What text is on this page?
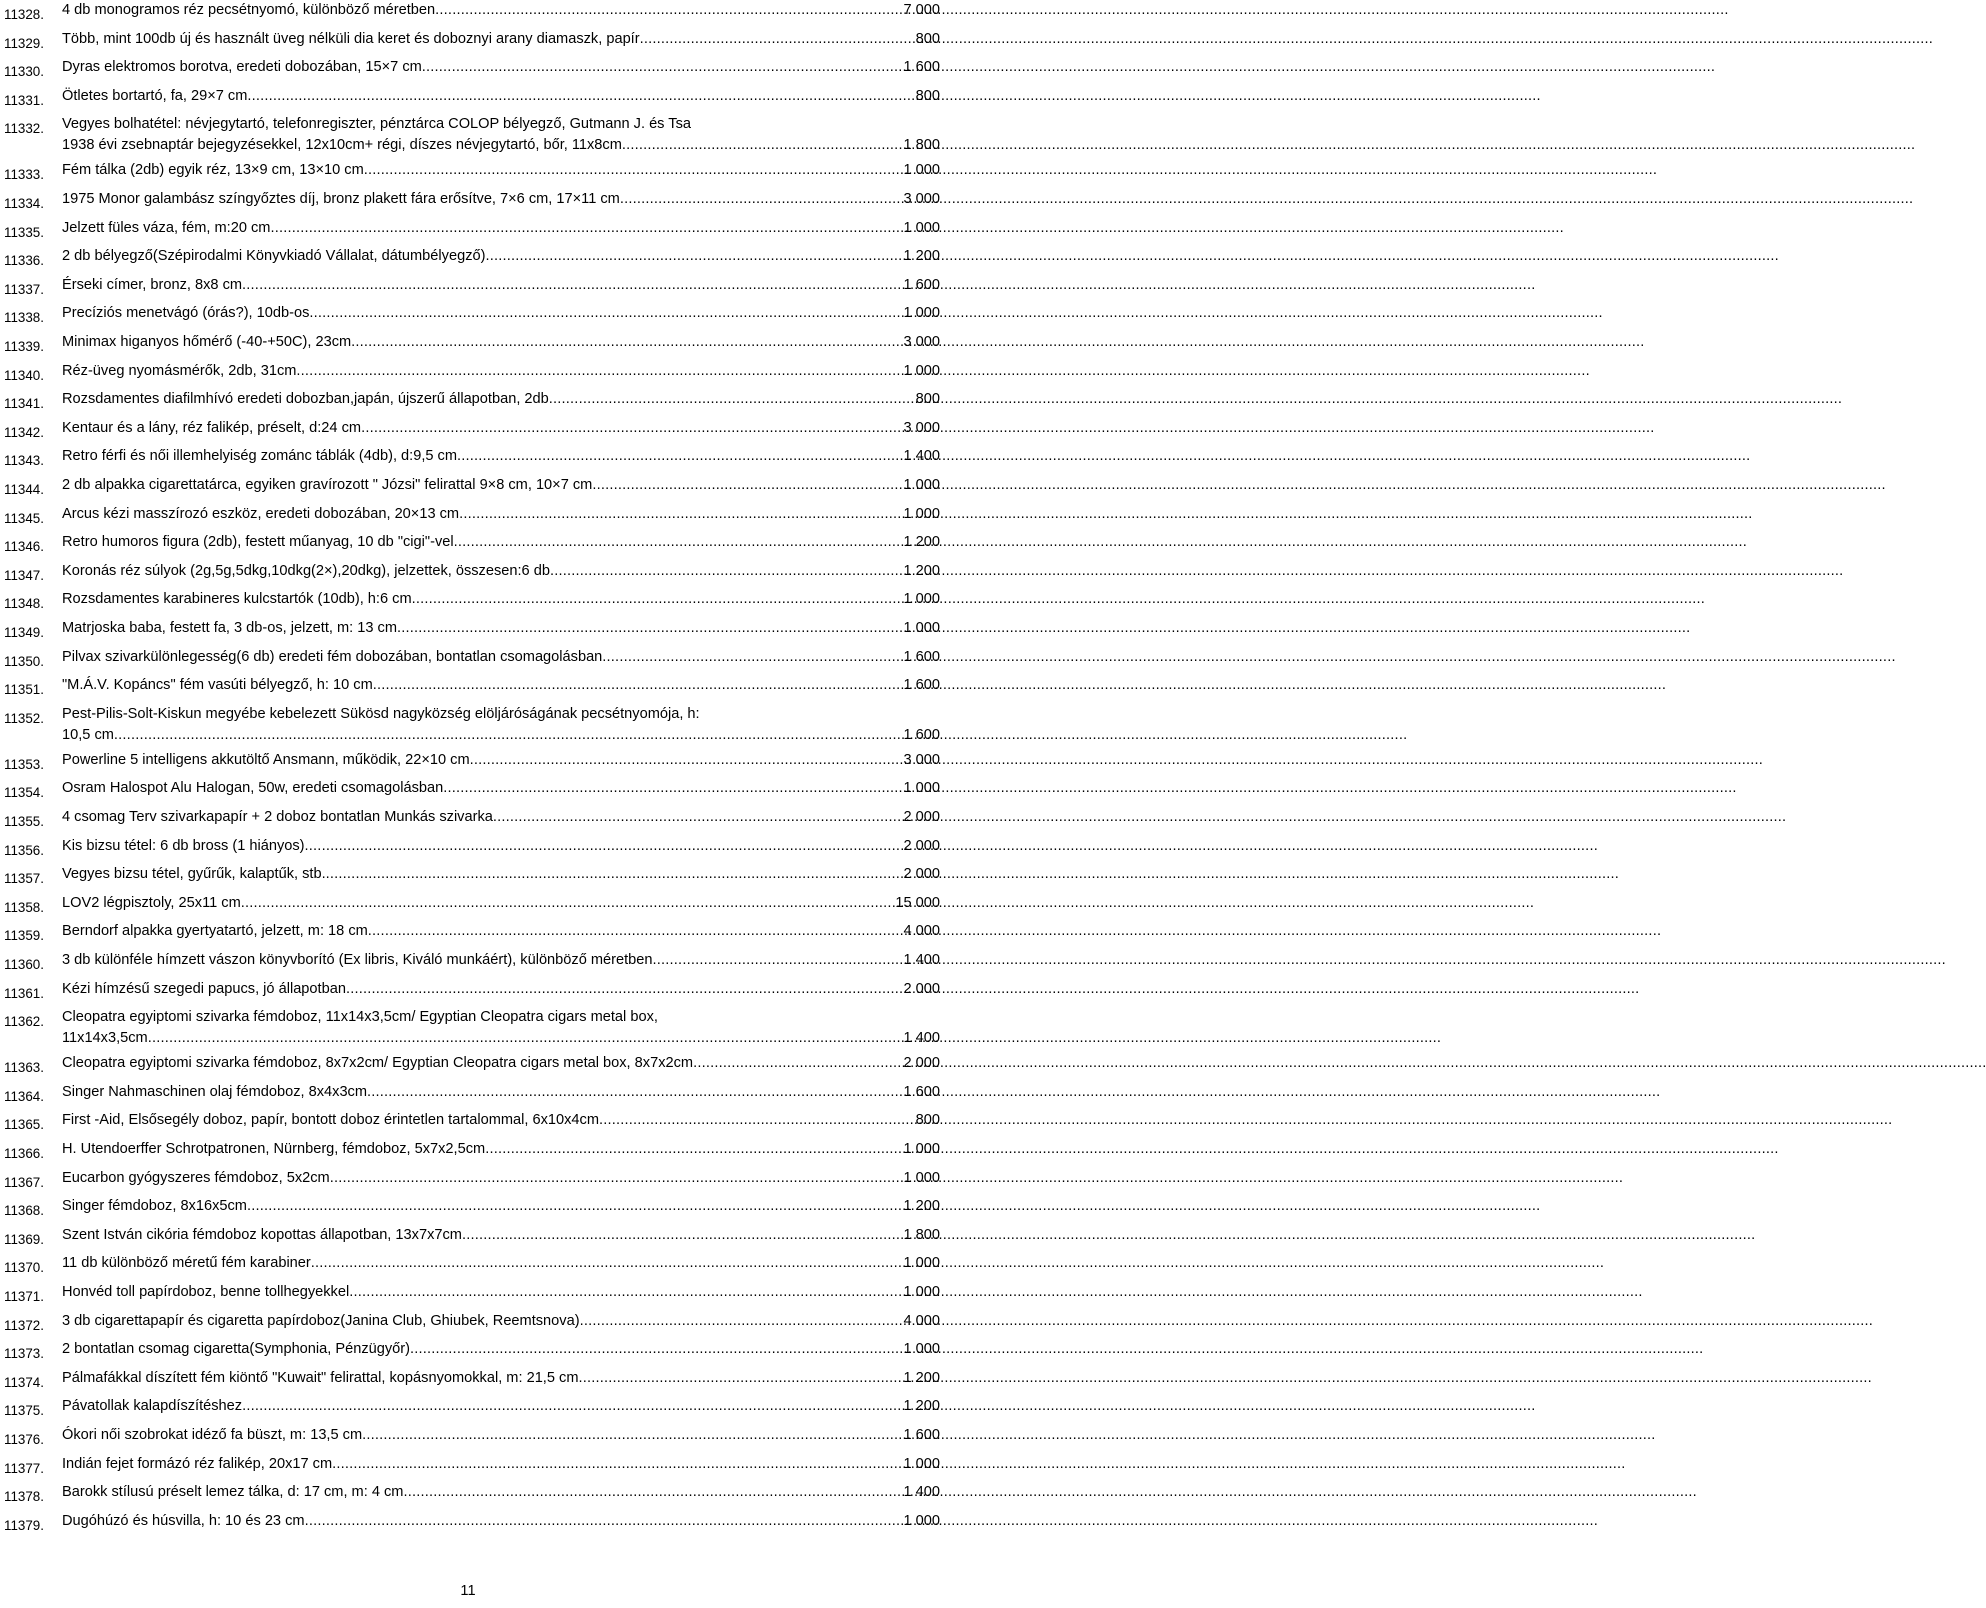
11328.	4 db monogramos réz pecsétnyomó, különböző méretben .....	7 000
11329.	Több, mint 100db új és használt üveg nélküli dia keret és doboznyi arany diamaszk, papír .....	800
11330.	Dyras elektromos borotva, eredeti dobozában, 15×7 cm .....	1 600
11331.	Ötletes bortartó, fa, 29×7 cm .....	800
11332.	Vegyes bolhatétel: névjegytartó, telefonregiszter, pénztárca COLOP bélyegző, Gutmann J. és Tsa
1938 évi zsebnaptár bejegyzésekkel, 12x10cm+ régi, díszes névjegytartó, bőr, 11x8cm .....	1 800
11333.	Fém tálka (2db) egyik réz, 13×9 cm, 13×10 cm .....	1 000
11334.	1975 Monor galambász színgyőztes díj, bronz plakett fára erősítve, 7×6 cm, 17×11 cm .....	3 000
11335.	Jelzett füles váza, fém, m:20 cm .....	1 000
11336.	2 db bélyegző(Szépirodalmi Könyvkiadó Vállalat, dátumbélyegző) .....	1 200
11337.	Érseki címer, bronz, 8x8 cm .....	1 600
11338.	Precíziós menetvágó (órás?), 10db-os .....	1 000
11339.	Minimax higanyos hőmérő (-40-+50C), 23cm .....	3 000
11340.	Réz-üveg nyomásmérők, 2db, 31cm .....	1 000
11341.	Rozsdamentes diafilmhívó eredeti dobozban,japán, újszerű állapotban, 2db .....	800
11342.	Kentaur és a lány, réz falikép, préselt, d:24 cm .....	3 000
11343.	Retro férfi és női illemhelyiség zománc táblák (4db), d:9,5 cm .....	1 400
11344.	2 db alpakka cigarettatárca, egyiken gravírozott " Józsi" felirattal 9×8 cm, 10×7 cm .....	1 000
11345.	Arcus kézi masszírozó eszköz, eredeti dobozában, 20×13 cm .....	1 000
11346.	Retro humoros figura (2db), festett műanyag, 10 db "cigi"-vel .....	1 200
11347.	Koronás réz súlyok (2g,5g,5dkg,10dkg(2×),20dkg), jelzettek, összesen:6 db .....	1 200
11348.	Rozsdamentes karabineres kulcstartók (10db), h:6 cm .....	1 000
11349.	Matrjoska baba, festett fa, 3 db-os, jelzett, m: 13 cm .....	1 000
11350.	Pilvax szivarkülönlegesség(6 db) eredeti fém dobozában, bontatlan csomagolásban .....	1 600
11351.	"M.Á.V. Kopáncs" fém vasúti bélyegző, h: 10 cm .....	1 600
11352.	Pest-Pilis-Solt-Kiskun megyébe kebelezett Sükösd nagyközség elöljáróságának pecsétnyomója, h:
10,5 cm .....	1 600
11353.	Powerline 5 intelligens akkutöltő Ansmann, működik, 22×10 cm .....	3 000
11354.	Osram Halospot Alu Halogan, 50w, eredeti csomagolásban .....	1 000
11355.	4 csomag Terv szivarkapapír + 2 doboz bontatlan Munkás szivarka .....	2 000
11356.	Kis bizsu tétel: 6 db bross (1 hiányos) .....	2 000
11357.	Vegyes bizsu tétel, gyűrűk, kalaptűk, stb. .....	2 000
11358.	LOV2 légpisztoly, 25x11 cm .....	15 000
11359.	Berndorf alpakka gyertyatartó, jelzett, m: 18 cm .....	4 000
11360.	3 db különféle hímzett vászon könyvborító (Ex libris, Kiváló munkáért), különböző méretben .....	1 400
11361.	Kézi hímzésű szegedi papucs, jó állapotban .....	2 000
11362.	Cleopatra egyiptomi szivarka fémdoboz, 11x14x3,5cm/ Egyptian Cleopatra cigars metal box,
11x14x3,5cm .....	1 400
11363.	Cleopatra egyiptomi szivarka fémdoboz, 8x7x2cm/ Egyptian Cleopatra cigars metal box, 8x7x2cm .....	2 000
11364.	Singer Nahmaschinen olaj fémdoboz, 8x4x3cm .....	1 600
11365.	First -Aid, Elsősegély doboz, papír, bontott doboz érintetlen tartalommal, 6x10x4cm .....	800
11366.	H. Utendoerffer Schrotpatronen, Nürnberg, fémdoboz, 5x7x2,5cm .....	1 000
11367.	Eucarbon gyógyszeres fémdoboz, 5x2cm .....	1 000
11368.	Singer fémdoboz, 8x16x5cm .....	1 200
11369.	Szent István cikória fémdoboz kopottas állapotban, 13x7x7cm .....	1 800
11370.	11 db különböző méretű fém karabiner .....	1 000
11371.	Honvéd toll papírdoboz, benne tollhegyekkel .....	1 000
11372.	3 db cigarettapapír és cigaretta papírdoboz(Janina Club, Ghiubek, Reemtsnova) .....	4 000
11373.	2 bontatlan csomag cigaretta(Symphonia, Pénzügyőr) .....	1 000
11374.	Pálmafákkal díszített fém kiöntő "Kuwait" felirattal, kopásnyomokkal, m: 21,5 cm .....	1 200
11375.	Pávatollak kalapdíszítéshez .....	1 200
11376.	Ókori női szobrokat idéző fa büszt, m: 13,5 cm .....	1 600
11377.	Indián fejet formázó réz falikép, 20x17 cm .....	1 000
11378.	Barokk stílusú préselt lemez tálka, d: 17 cm, m: 4 cm .....	1 400
11379.	Dugóhúzó és húsvilla, h: 10 és 23 cm .....	1 000
11
